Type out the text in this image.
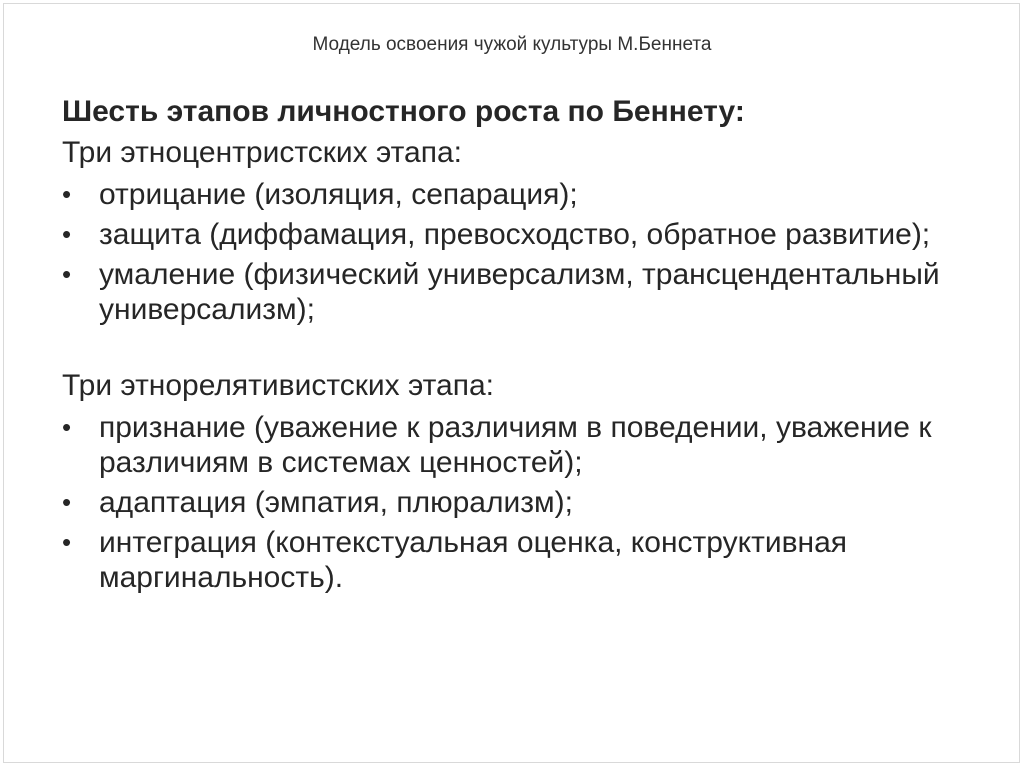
Модель освоения чужой культуры М.Беннета
Шесть этапов личностного роста по Беннету:
Три этноцентристских этапа:
• отрицание (изоляция, сепарация);
• защита (диффамация, превосходство, обратное развитие);
• умаление (физический универсализм, трансцендентальный универсализм);
Три этнорелятивистских этапа:
• признание (уважение к различиям в поведении, уважение к различиям в системах ценностей);
• адаптация (эмпатия, плюрализм);
• интеграция (контекстуальная оценка, конструктивная маргинальность).
